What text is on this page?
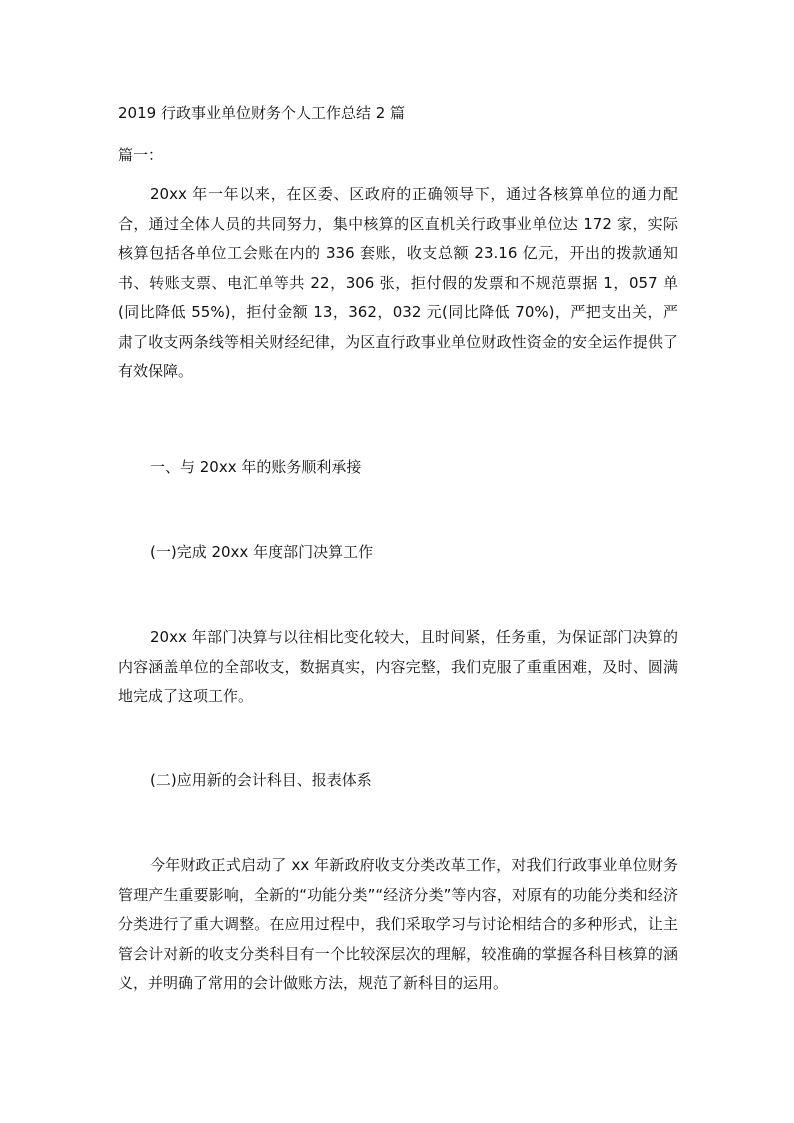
2019 行政事业单位财务个人工作总结 2 篇
篇一：

20xx 年一年以来，在区委、区政府的正确领导下，通过各核算单位的通力配合，通过全体人员的共同努力，集中核算的区直机关行政事业单位达 172 家，实际核算包括各单位工会账在内的 336 套账，收支总额 23.16 亿元，开出的拨款通知书、转账支票、电汇单等共 22，306 张，拒付假的发票和不规范票据 1，057 单(同比降低 55%)，拒付金额 13，362，032 元(同比降低 70%)，严把支出关，严肃了收支两条线等相关财经纪律，为区直行政事业单位财政性资金的安全运作提供了有效保障。

一、与 20xx 年的账务顺利承接
(一)完成 20xx 年度部门决算工作

20xx 年部门决算与以往相比变化较大，且时间紧，任务重，为保证部门决算的内容涵盖单位的全部收支，数据真实，内容完整，我们克服了重重困难，及时、圆满地完成了这项工作。

(二)应用新的会计科目、报表体系

今年财政正式启动了 xx 年新政府收支分类改革工作，对我们行政事业单位财务管理产生重要影响，全新的“功能分类”“经济分类”等内容，对原有的功能分类和经济分类进行了重大调整。在应用过程中，我们采取学习与讨论相结合的多种形式，让主管会计对新的收支分类科目有一个比较深层次的理解，较准确的掌握各科目核算的涵义，并明确了常用的会计做账方法，规范了新科目的运用。
